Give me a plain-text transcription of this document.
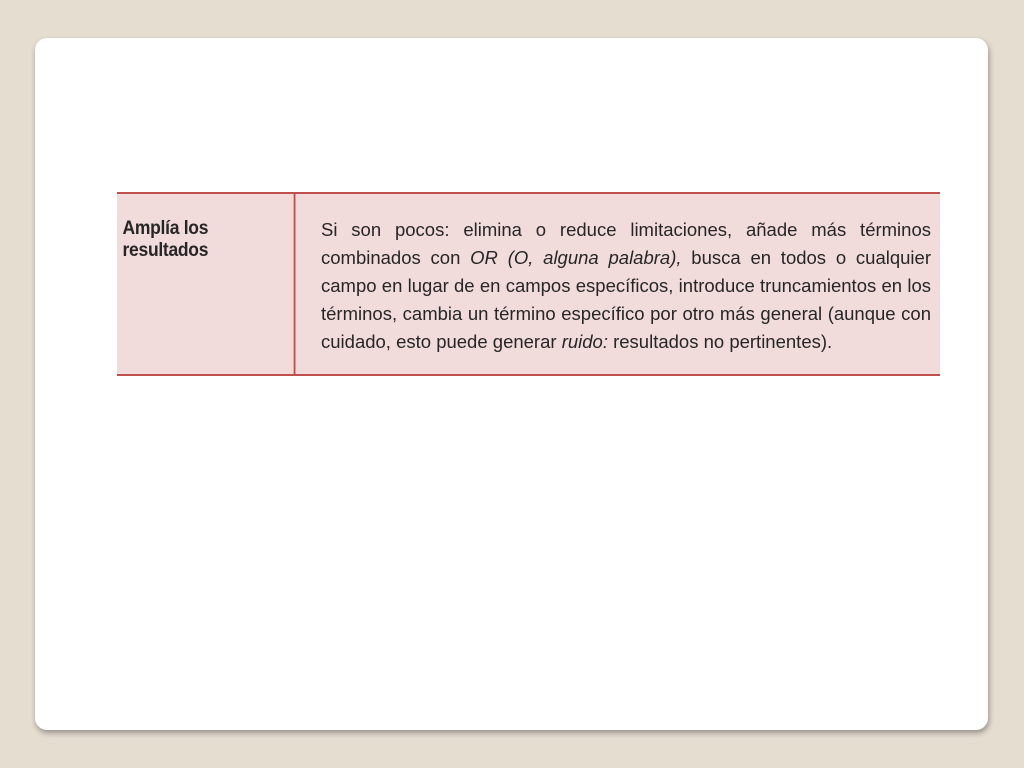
Amplía los resultados
Si son pocos: elimina o reduce limitaciones, añade más términos combinados con OR (O, alguna palabra), busca en todos o cualquier campo en lugar de en campos específicos, introduce truncamientos en los términos, cambia un término específico por otro más general (aunque con cuidado, esto puede generar ruido: resultados no pertinentes).
